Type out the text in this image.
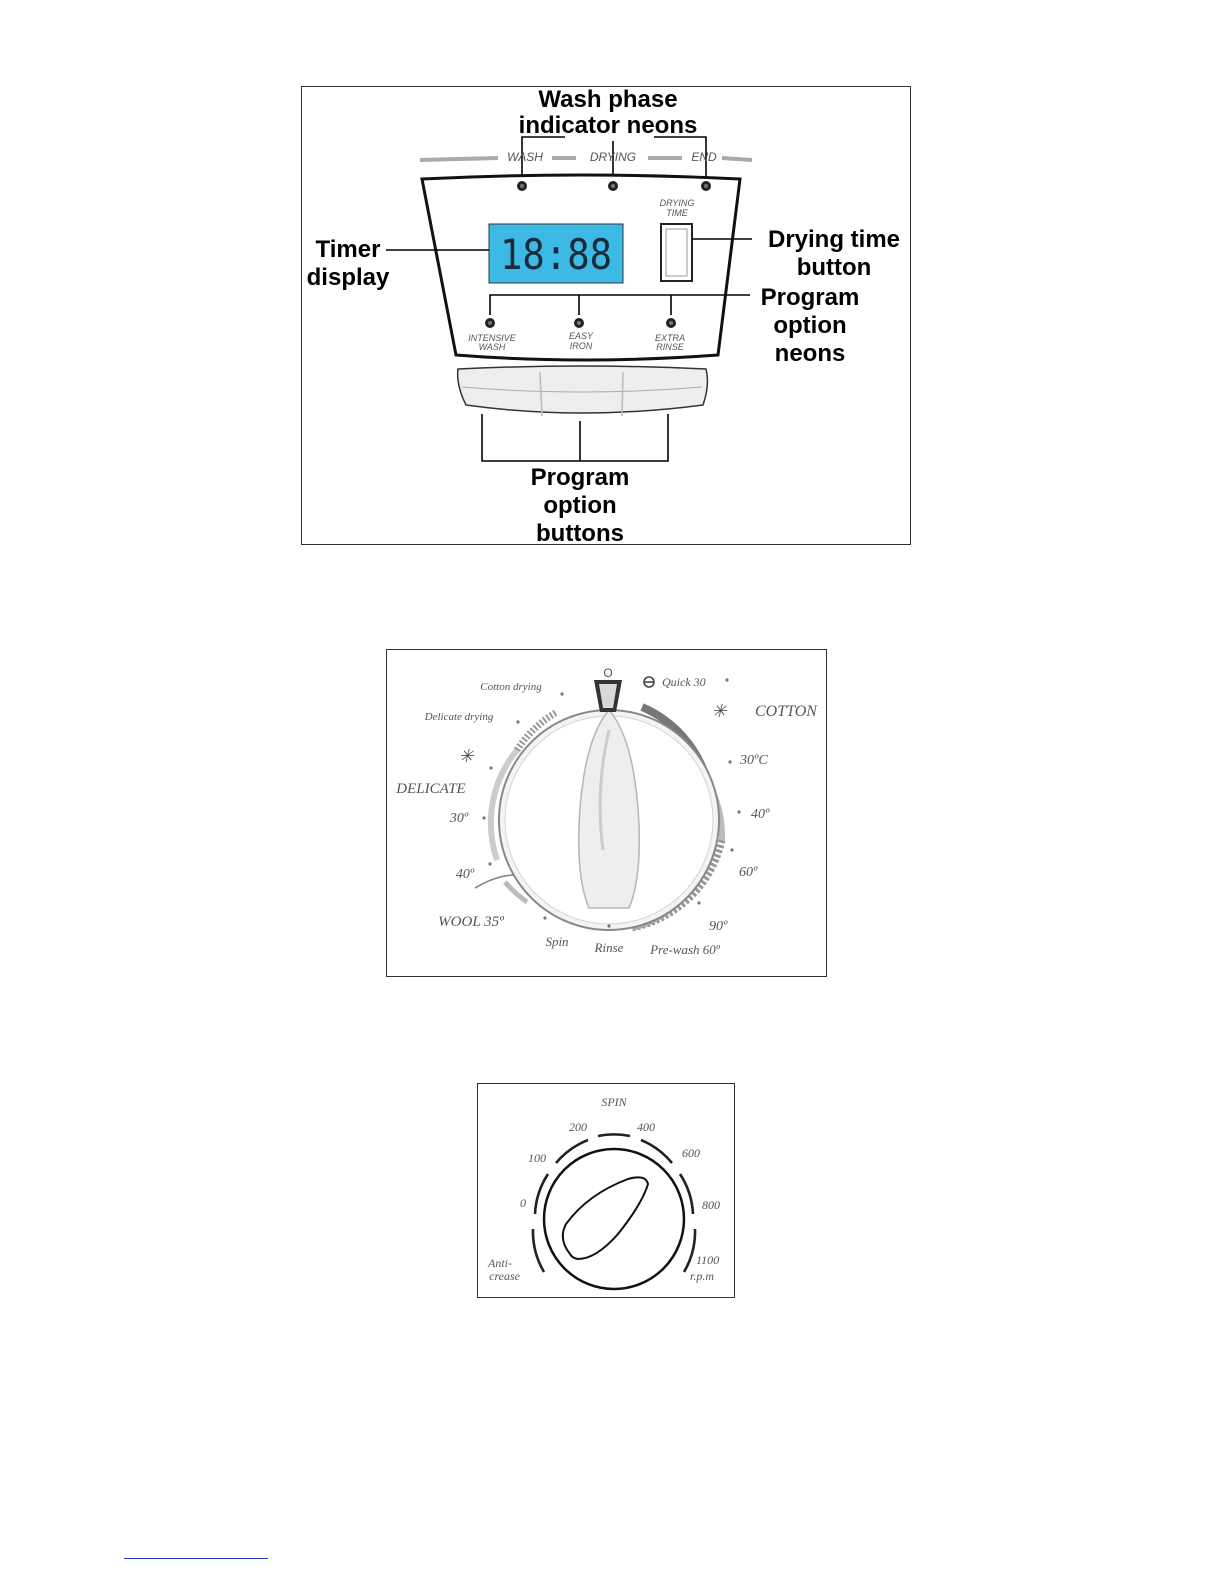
Wash phase
indicator neons
WASH	DRYING	END
18:88
Timer
display
DRYING
TIME
Drying time
button
Program
option
neons
INTENSIVE
WASH
EASY
IRON
EXTRA
RINSE
Program
option
buttons
O
Cotton drying
Delicate drying
Quick 30
✳ COTTON
30ºC
40º
60º
90º
Pre-wash 60º
Rinse
Spin
WOOL 35º
✳
DELICATE
30º
40º
SPIN
Anti-
crease
0
100
200	400
600
800
1100
r.p.m
